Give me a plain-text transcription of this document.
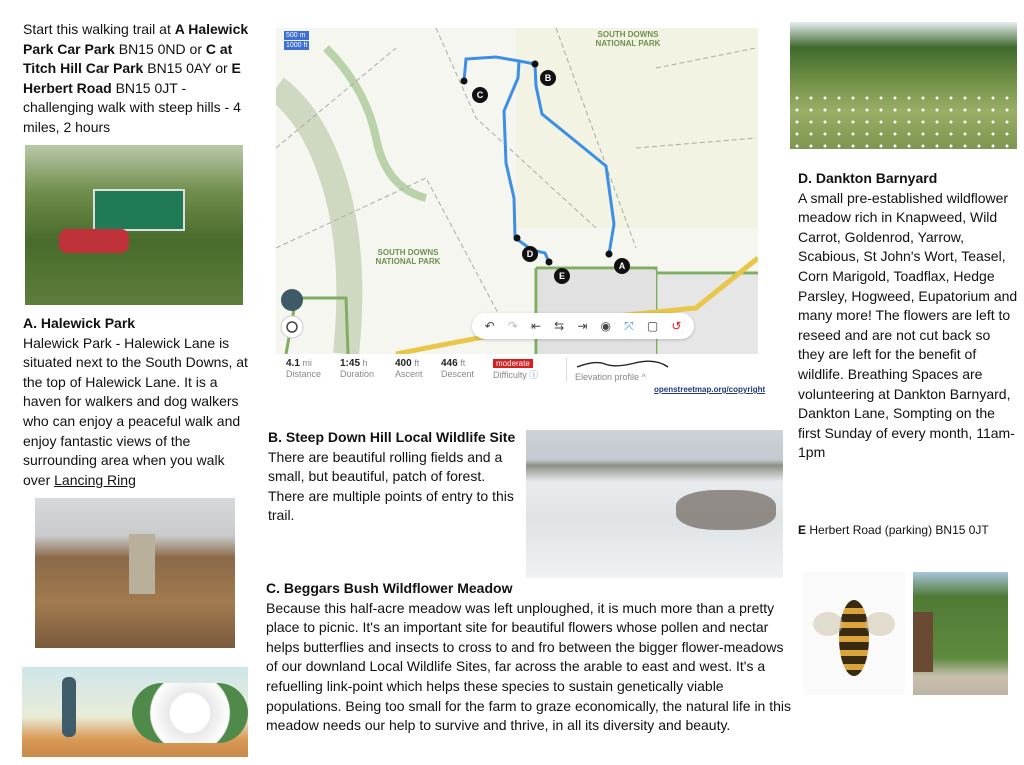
Start this walking trail at A Halewick Park Car Park BN15 0ND or C at Titch Hill Car Park BN15 0AY or E Herbert Road BN15 0JT - challenging walk with steep hills - 4 miles, 2 hours
A. Halewick Park
Halewick Park - Halewick Lane is situated next to the South Downs, at the top of Halewick Lane. It is a haven for walkers and dog walkers who can enjoy a peaceful walk and enjoy fantastic views of the surrounding area when you walk over Lancing Ring
B
C
A
D
E
500 m
1000 ft
SOUTH DOWNS NATIONAL PARK
SOUTH DOWNS NATIONAL PARK
↶ ↷ ⇤ ⇆ ⇥ ◉ ⤧ ▢ ↺
4.1 mi
Distance
1:45 h
Duration
400 ft
Ascent
446 ft
Descent
moderate
Difficulty ⓘ	Elevation profile ^
openstreetmap.org/copyright
B. Steep Down Hill Local Wildlife Site
There are beautiful rolling fields and a small, but beautiful, patch of forest. There are multiple points of entry to this trail.
C. Beggars Bush Wildflower Meadow
Because this half-acre meadow was left unploughed, it is much more than a pretty place to picnic. It's an important site for beautiful flowers whose pollen and nectar helps butterflies and insects to cross to and fro between the bigger flower-meadows of our downland Local Wildlife Sites, far across the arable to east and west. It's a refuelling link-point which helps these species to sustain genetically viable populations. Being too small for the farm to graze economically, the natural life in this meadow needs our help to survive and thrive, in all its diversity and beauty.
D. Dankton Barnyard
A small pre-established wildflower meadow rich in Knapweed, Wild Carrot, Goldenrod, Yarrow, Scabious, St John's Wort, Teasel, Corn Marigold, Toadflax, Hedge Parsley, Hogweed, Eupatorium and many more! The flowers are left to reseed and are not cut back so they are left for the benefit of wildlife. Breathing Spaces are volunteering at Dankton Barnyard, Dankton Lane, Sompting on the first Sunday of every month, 11am-1pm
E Herbert Road (parking) BN15 0JT
